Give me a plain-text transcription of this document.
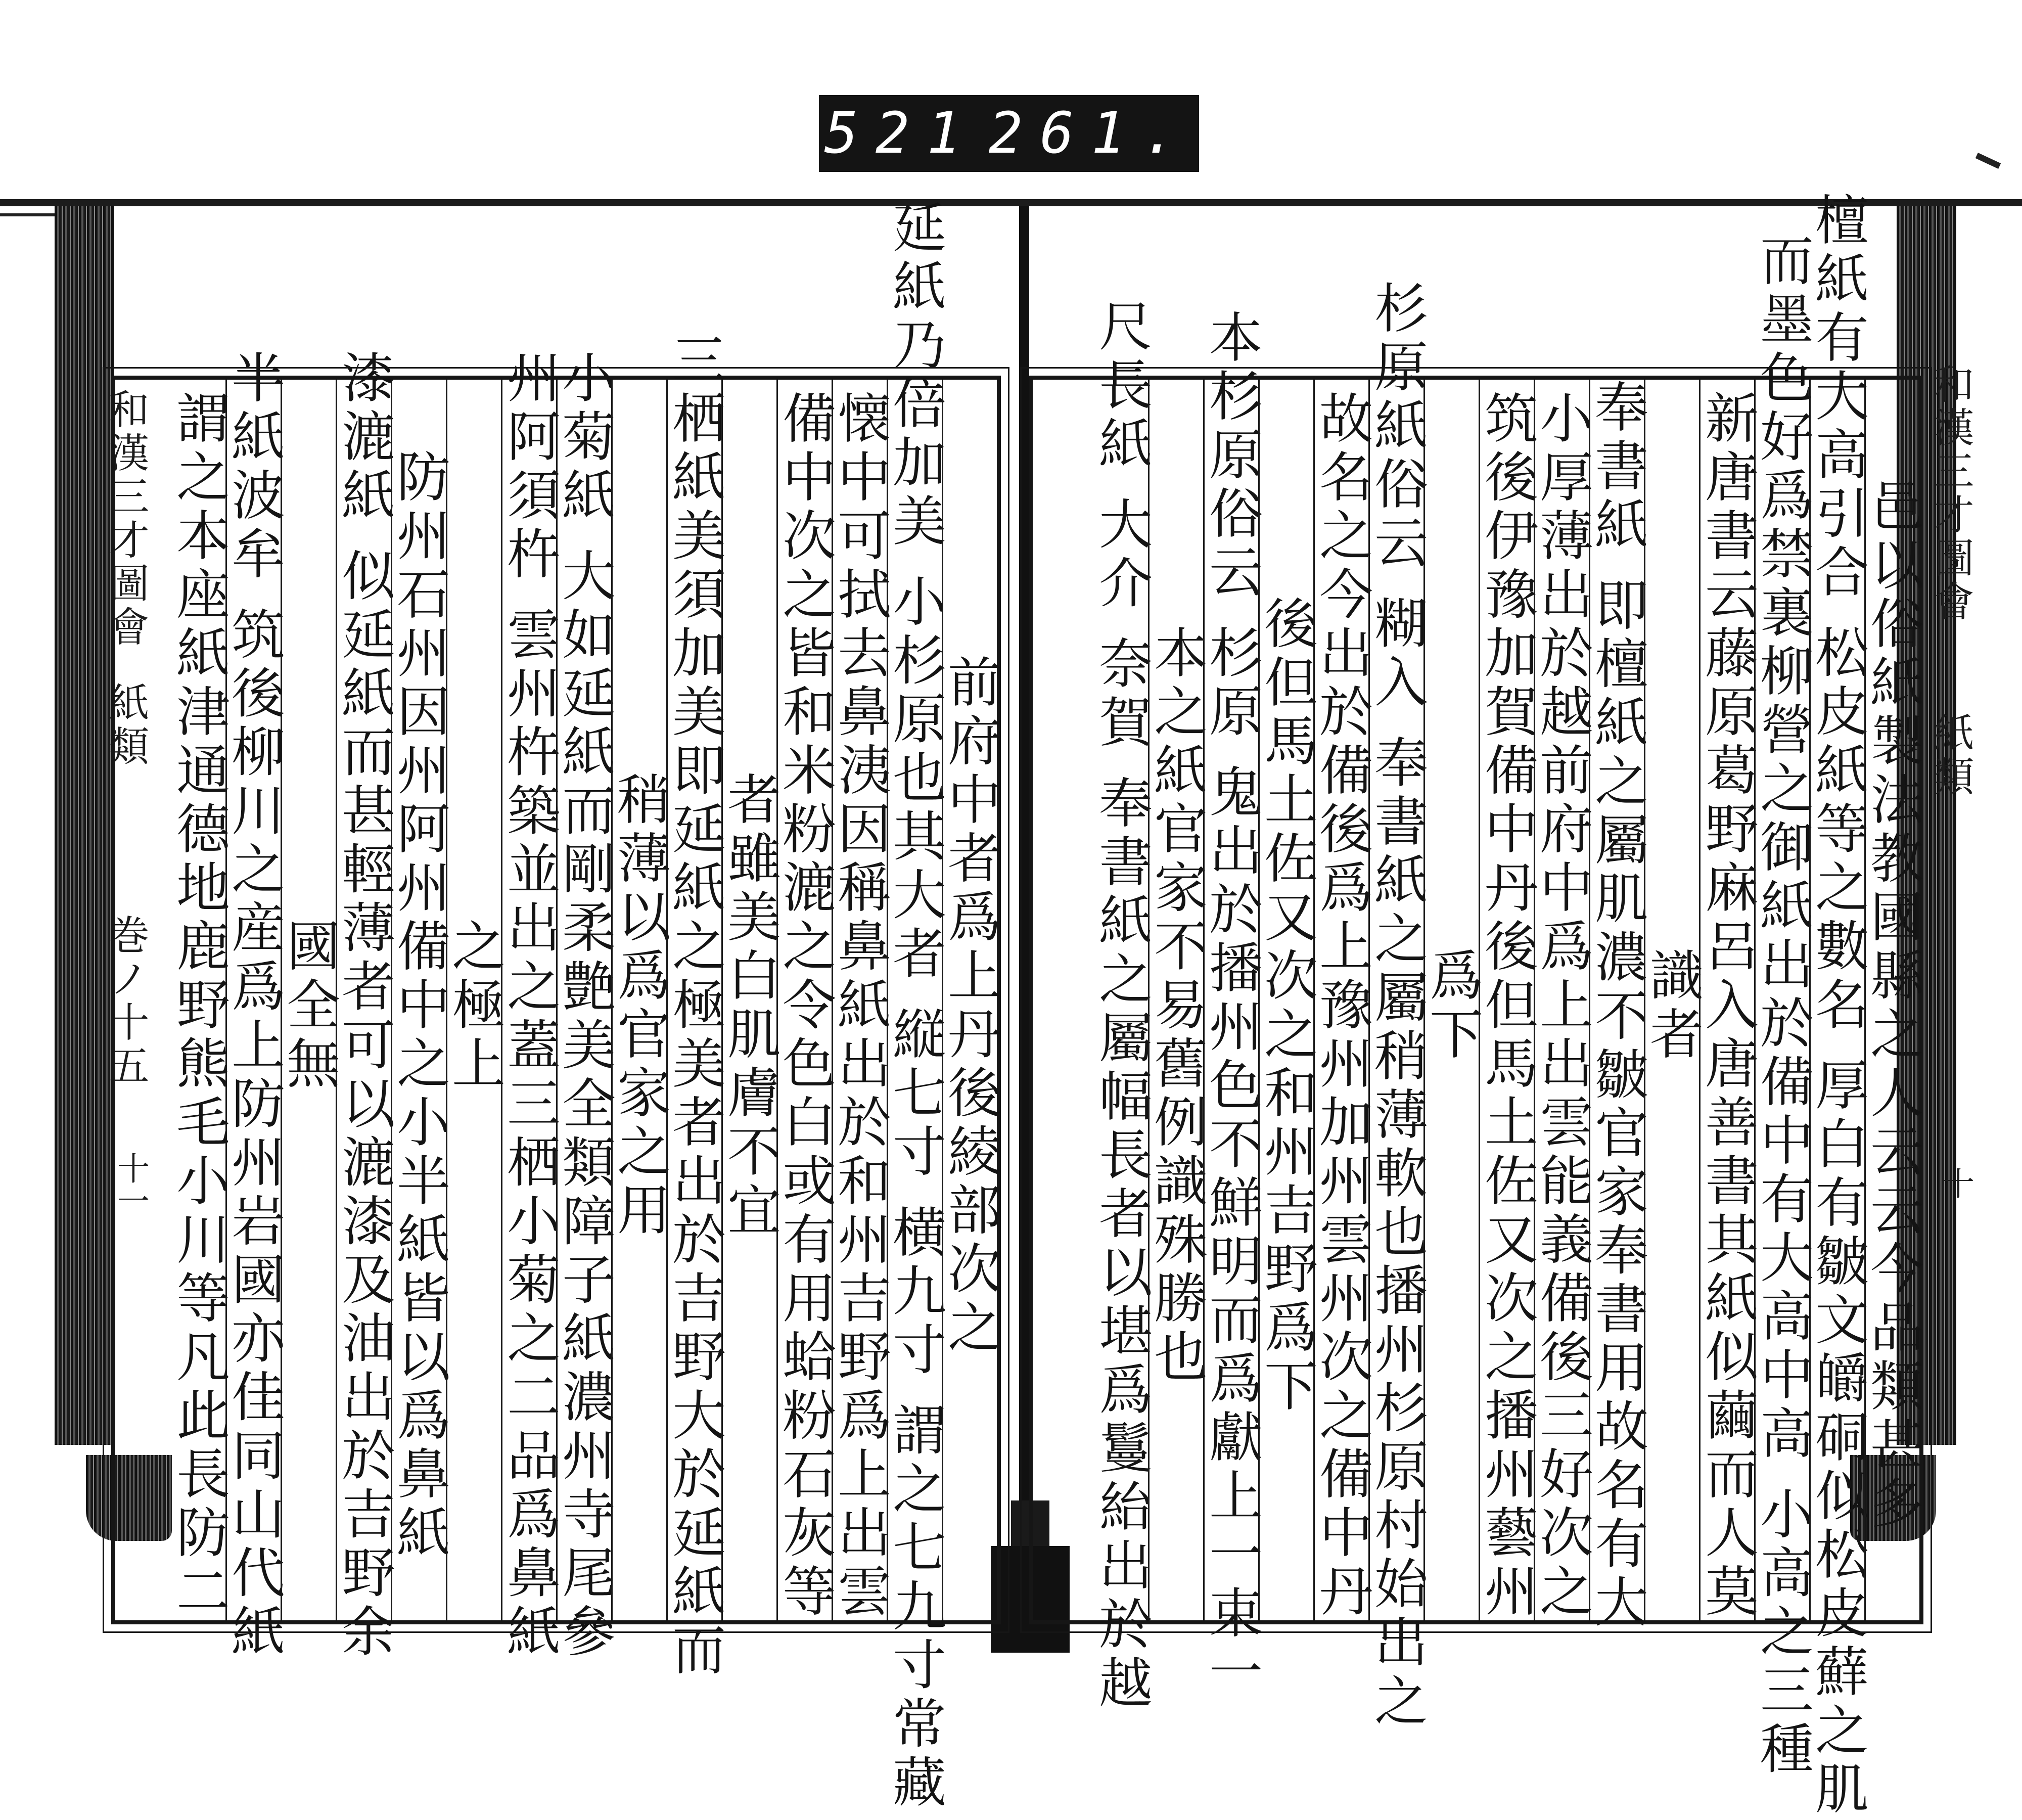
521 261.
和漢三才圖會
紙類
巻ノ十五
十一
和漢三才圖會
紙類
十
前府中者爲上丹後綾部次之
延紙乃倍加美 小杉原也其大者 縦七寸 横九寸 謂之七九寸常藏
懐中可拭去鼻洟因稱鼻紙出於和州吉野爲上出雲
備中次之皆和米粉漉之令色白或有用蛤粉石灰等
者雖美白肌膚不宜
三栖紙美須加美即延紙之極美者出於吉野大於延紙而
稍薄以爲官家之用
小菊紙 大如延紙而剛柔艶美全類障子紙濃州寺尾參
州阿須杵 雲州杵築並出之蓋三栖小菊之二品爲鼻紙
之極上
防州石州因州阿州備中之小半紙皆以爲鼻紙
漆漉紙 似延紙而甚輕薄者可以漉漆及油出於吉野余
國全無
半紙波牟 筑後柳川之産爲上防州岩國亦佳同山代紙
謂之本座紙津通德地鹿野熊毛小川等凡此長防二	邑以俗紙製法教國縣之人云云今品類甚多
檀紙有大高引合 松皮紙等之數名 厚白有皺文皭硐似松皮蘚之肌
而墨色好爲禁裏柳營之御紙出於備中有大高中高 小高之三種
新唐書云藤原葛野麻呂入唐善書其紙似繭而人莫
識者
奉書紙 即檀紙之屬肌濃不皺官家奉書用故名有大
小厚薄出於越前府中爲上出雲能義備後三好次之
筑後伊豫加賀備中丹後但馬土佐又次之播州藝州
爲下
杉原紙俗云 糊入 奉書紙之屬稍薄軟也播州杉原村始出之
故名之今出於備後爲上豫州加州雲州次之備中丹
後但馬土佐又次之和州吉野爲下
本杉原俗云 杉原 鬼出於播州色不鮮明而爲獻上一束一
本之紙官家不易舊例識殊勝也
尺長紙 大介 奈賀 奉書紙之屬幅長者以堪爲鬘紿出於越
